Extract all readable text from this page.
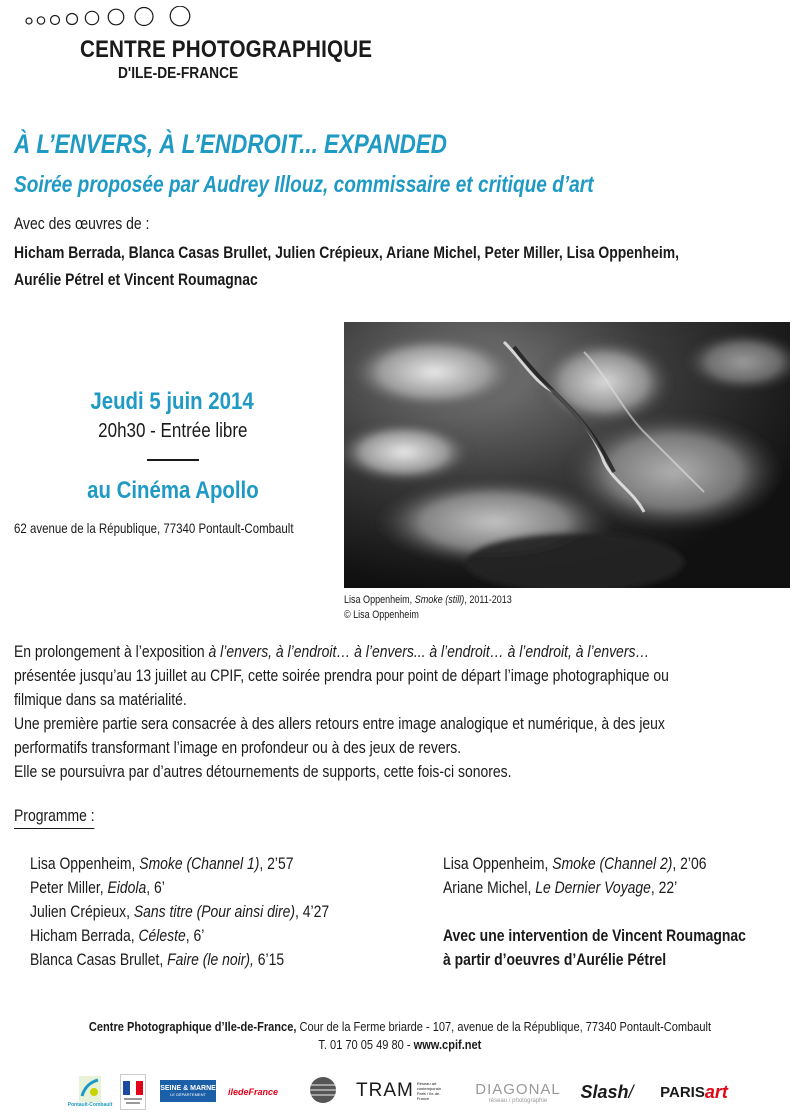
CENTRE PHOTOGRAPHIQUE
D'ILE-DE-FRANCE
À L’ENVERS, À L’ENDROIT... EXPANDED
Soirée proposée par Audrey Illouz, commissaire et critique d’art
Avec des œuvres de :
Hicham Berrada, Blanca Casas Brullet, Julien Crépieux, Ariane Michel, Peter Miller, Lisa Oppenheim,
Aurélie Pétrel et Vincent Roumagnac
Jeudi 5 juin 2014
20h30 - Entrée libre
au Cinéma Apollo
62 avenue de la République, 77340 Pontault-Combault
Lisa Oppenheim, Smoke (still), 2011-2013
© Lisa Oppenheim
En prolongement à l’exposition à l’envers, à l’endroit… à l’envers... à l’endroit… à l’endroit, à l’envers…
présentée jusqu’au 13 juillet au CPIF, cette soirée prendra pour point de départ l’image photographique ou
filmique dans sa matérialité.
Une première partie sera consacrée à des allers retours entre image analogique et numérique, à des jeux
performatifs transformant l’image en profondeur ou à des jeux de revers.
Elle se poursuivra par d’autres détournements de supports, cette fois-ci sonores.
Programme :
Lisa Oppenheim, Smoke (Channel 1), 2’57
Peter Miller, Eidola, 6’
Julien Crépieux, Sans titre (Pour ainsi dire), 4’27
Hicham Berrada, Céleste, 6’
Blanca Casas Brullet, Faire (le noir), 6’15
Lisa Oppenheim, Smoke (Channel 2), 2’06
Ariane Michel, Le Dernier Voyage, 22’
Avec une intervention de Vincent Roumagnac
à partir d’oeuvres d’Aurélie Pétrel
Centre Photographique d’Ile-de-France, Cour de la Ferme briarde - 107, avenue de la République, 77340 Pontault-Combault
T. 01 70 05 49 80 - www.cpif.net
Pontault-Combault
SEINE & MARNE
LE DÉPARTEMENT iledeFrance	TRAM Réseau art contemporain Paris / Ile-de-France
DIAGONAL
réseau / photographie Slash / PARIS art
